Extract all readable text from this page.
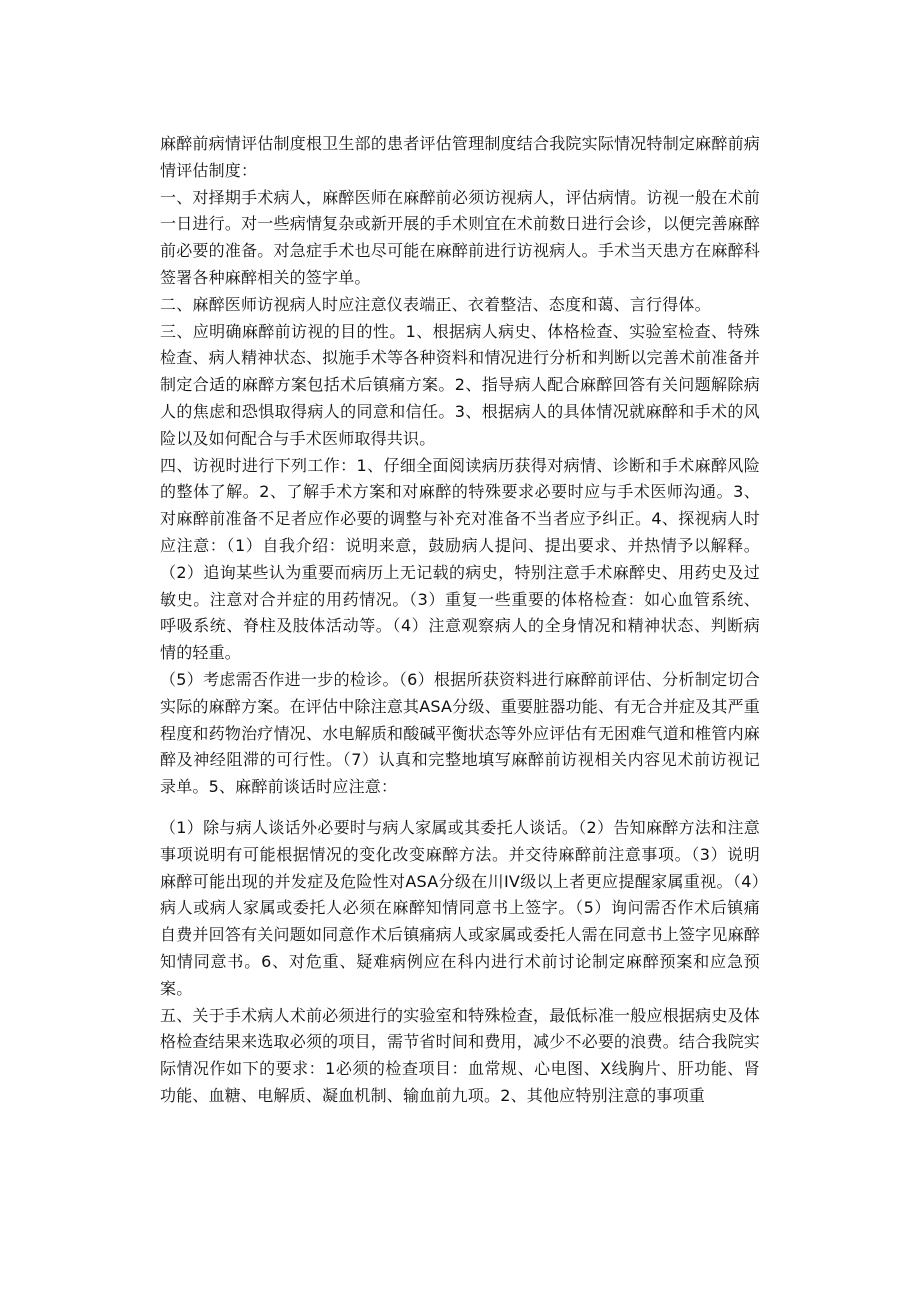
麻醉前病情评估制度根卫生部的患者评估管理制度结合我院实际情况特制定麻醉前病情评估制度：

一、对择期手术病人，麻醉医师在麻醉前必须访视病人，评估病情。访视一般在术前一日进行。对一些病情复杂或新开展的手术则宜在术前数日进行会诊，以便完善麻醉前必要的准备。对急症手术也尽可能在麻醉前进行访视病人。手术当天患方在麻醉科签署各种麻醉相关的签字单。

二、麻醉医师访视病人时应注意仪表端正、衣着整洁、态度和蔼、言行得体。

三、应明确麻醉前访视的目的性。1、根据病人病史、体格检查、实验室检查、特殊检查、病人精神状态、拟施手术等各种资料和情况进行分析和判断以完善术前准备并制定合适的麻醉方案包括术后镇痛方案。2、指导病人配合麻醉回答有关问题解除病人的焦虑和恐惧取得病人的同意和信任。3、根据病人的具体情况就麻醉和手术的风险以及如何配合与手术医师取得共识。

四、访视时进行下列工作：1、仔细全面阅读病历获得对病情、诊断和手术麻醉风险的整体了解。2、了解手术方案和对麻醉的特殊要求必要时应与手术医师沟通。3、对麻醉前准备不足者应作必要的调整与补充对准备不当者应予纠正。4、探视病人时应注意：（1）自我介绍：说明来意，鼓励病人提问、提出要求、并热情予以解释。（2）追询某些认为重要而病历上无记载的病史，特别注意手术麻醉史、用药史及过敏史。注意对合并症的用药情况。（3）重复一些重要的体格检查：如心血管系统、呼吸系统、脊柱及肢体活动等。（4）注意观察病人的全身情况和精神状态、判断病情的轻重。

（5）考虑需否作进一步的检诊。（6）根据所获资料进行麻醉前评估、分析制定切合实际的麻醉方案。在评估中除注意其ASA分级、重要脏器功能、有无合并症及其严重程度和药物治疗情况、水电解质和酸碱平衡状态等外应评估有无困难气道和椎管内麻醉及神经阻滞的可行性。（7）认真和完整地填写麻醉前访视相关内容见术前访视记录单。5、麻醉前谈话时应注意：

（1）除与病人谈话外必要时与病人家属或其委托人谈话。（2）告知麻醉方法和注意事项说明有可能根据情况的变化改变麻醉方法。并交待麻醉前注意事项。（3）说明麻醉可能出现的并发症及危险性对ASA分级在川IV级以上者更应提醒家属重视。（4）病人或病人家属或委托人必须在麻醉知情同意书上签字。（5）询问需否作术后镇痛自费并回答有关问题如同意作术后镇痛病人或家属或委托人需在同意书上签字见麻醉知情同意书。6、对危重、疑难病例应在科内进行术前讨论制定麻醉预案和应急预案。

五、关于手术病人术前必须进行的实验室和特殊检查，最低标准一般应根据病史及体格检查结果来选取必须的项目，需节省时间和费用，减少不必要的浪费。结合我院实际情况作如下的要求：1必须的检查项目：血常规、心电图、X线胸片、肝功能、肾功能、血糖、电解质、凝血机制、输血前九项。2、其他应特别注意的事项重
